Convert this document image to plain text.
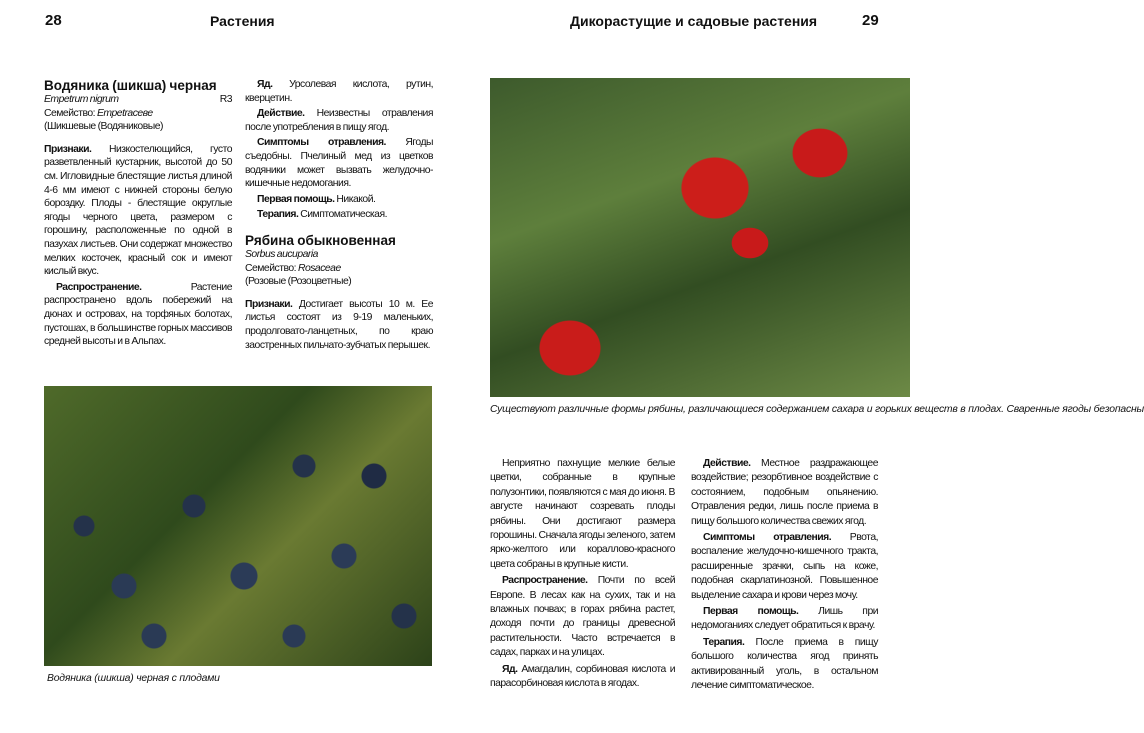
28	Растения	Дикорастущие и садовые растения	29
Водяника (шикша) черная
Empetrum nigrum	R3
Семейство: Empetracеве
(Шикшевые (Водяниковые)

Признаки. Низкостелющийся, густо разветвленный кустарник, высотой до 50 см. Игловидные блестящие листья длиной 4-6 мм имеют с нижней стороны белую бороздку. Плоды - блестящие округлые ягоды черного цвета, размером с горошину, расположенные по одной в пазухах листьев. Они содержат множество мелких косточек, красный сок и имеют кислый вкус.

Распространение.	Растение распространено вдоль побережий на дюнах и островах, на торфяных болотах, пустошах, в большинстве горных массивов средней высоты и в Альпах.

Яд. Урсолевая кислота, рутин, кверцетин.

Действие. Неизвестны отравления после употребления в пищу ягод.

Симптомы отравления. Ягоды съедобны. Пчелиный мед из цветков водяники может вызвать желудочно-кишечные недомогания.

Первая помощь. Никакой.

Терапия. Симптоматическая.

Рябина обыкновенная
Sorbus aucuparia
Семейство: Rosaceae
(Розовые (Розоцветные)

Признаки. Достигает высоты 10 м. Ее листья состоят из 9-19 маленьких, продолговато-ланцетных, по краю заостренных пильчато-зубчатых перышек.

Водяника (шикша) черная с плодами
Существуют различные формы рябины, различающиеся содержанием сахара и горьких веществ в плодах. Сваренные ягоды безопасны

Неприятно пахнущие мелкие белые цветки, собранные в крупные полузонтики, появляются с мая до июня. В августе начинают созревать плоды рябины. Они достигают размера горошины. Сначала ягоды зеленого, затем ярко-желтого или кораллово-красного цвета собраны в крупные кисти.

Распространение. Почти по всей Европе. В лесах как на сухих, так и на влажных почвах; в горах рябина растет, доходя почти до границы древесной растительности. Часто встречается в садах, парках и на улицах.

Яд. Амагдалин, сорбиновая кислота и парасорбиновая кислота в ягодах.

Действие. Местное раздражающее воздействие; резорбтивное воздействие с состоянием, подобным опьянению. Отравления редки, лишь после приема в пищу большого количества свежих ягод.

Симптомы отравления. Рвота, воспаление желудочно-кишечного тракта, расширенные зрачки, сыпь на коже, подобная скарлатинозной. Повышенное выделение сахара и крови через мочу.

Первая помощь. Лишь при недомоганиях следует обратиться к врачу.

Терапия. После приема в пищу большого количества ягод принять активированный уголь, в остальном лечение симптоматическое.
